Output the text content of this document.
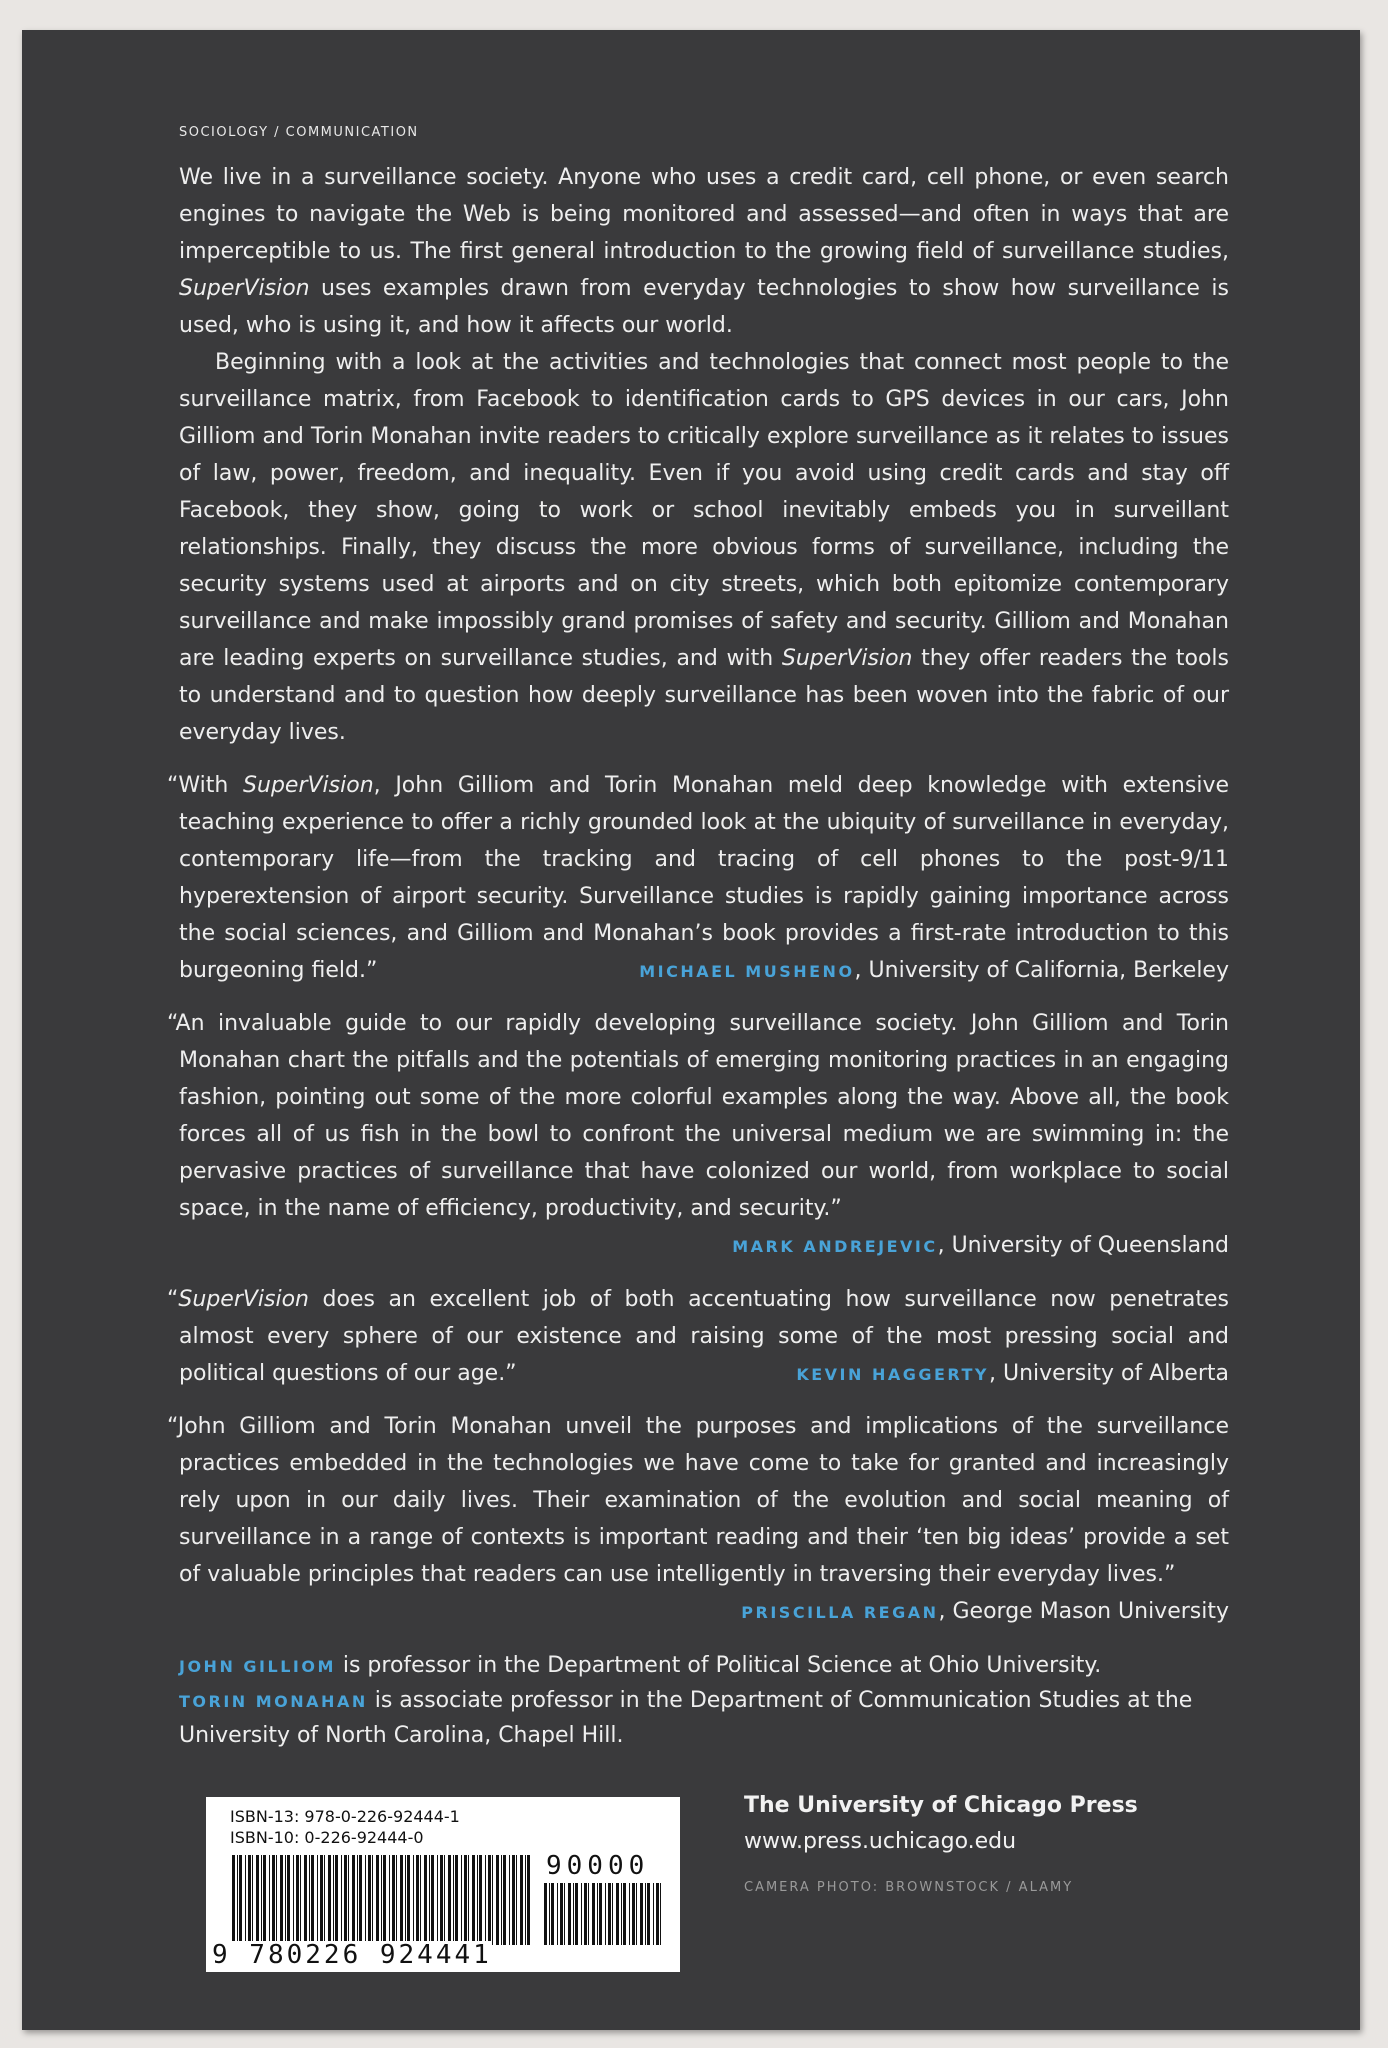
SOCIOLOGY / COMMUNICATION

We live in a surveillance society. Anyone who uses a credit card, cell phone, or even search engines to navigate the Web is being monitored and assessed—and often in ways that are imperceptible to us. The first general introduction to the growing field of surveillance studies, SuperVision uses examples drawn from everyday technologies to show how surveillance is used, who is using it, and how it affects our world.

Beginning with a look at the activities and technologies that connect most people to the surveillance matrix, from Facebook to identification cards to GPS devices in our cars, John Gilliom and Torin Monahan invite readers to critically explore surveillance as it relates to issues of law, power, freedom, and inequality. Even if you avoid using credit cards and stay off Facebook, they show, going to work or school inevitably embeds you in surveillant relationships. Finally, they discuss the more obvious forms of surveillance, including the security systems used at airports and on city streets, which both epitomize contemporary surveillance and make impossibly grand promises of safety and security. Gilliom and Monahan are leading experts on surveillance studies, and with SuperVision they offer readers the tools to understand and to question how deeply surveillance has been woven into the fabric of our everyday lives.

“With SuperVision, John Gilliom and Torin Monahan meld deep knowledge with extensive teaching experience to offer a richly grounded look at the ubiquity of surveillance in everyday, contemporary life—from the tracking and tracing of cell phones to the post-9/11 hyperextension of airport security. Surveillance studies is rapidly gaining importance across the social sciences, and Gilliom and Monahan’s book provides a first-rate introduction to this burgeoning field.”	MICHAEL MUSHENO, University of California, Berkeley

“An invaluable guide to our rapidly developing surveillance society. John Gilliom and Torin Monahan chart the pitfalls and the potentials of emerging monitoring practices in an engaging fashion, pointing out some of the more colorful examples along the way. Above all, the book forces all of us fish in the bowl to confront the universal medium we are swimming in: the pervasive practices of surveillance that have colonized our world, from workplace to social space, in the name of efficiency, productivity, and security.”

MARK ANDREJEVIC, University of Queensland

“SuperVision does an excellent job of both accentuating how surveillance now penetrates almost every sphere of our existence and raising some of the most pressing social and political questions of our age.”	KEVIN HAGGERTY, University of Alberta

“John Gilliom and Torin Monahan unveil the purposes and implications of the surveillance practices embedded in the technologies we have come to take for granted and increasingly rely upon in our daily lives. Their examination of the evolution and social meaning of surveillance in a range of contexts is important reading and their ‘ten big ideas’ provide a set of valuable principles that readers can use intelligently in traversing their everyday lives.”

PRISCILLA REGAN, George Mason University
JOHN GILLIOM is professor in the Department of Political Science at Ohio University.
TORIN MONAHAN is associate professor in the Department of Communication Studies at the University of North Carolina, Chapel Hill.
ISBN-13: 978-0-226-92444-1
ISBN-10: 0-226-92444-0
90000
9 780226 924441
The University of Chicago Press
www.press.uchicago.edu
CAMERA PHOTO: BROWNSTOCK / ALAMY
